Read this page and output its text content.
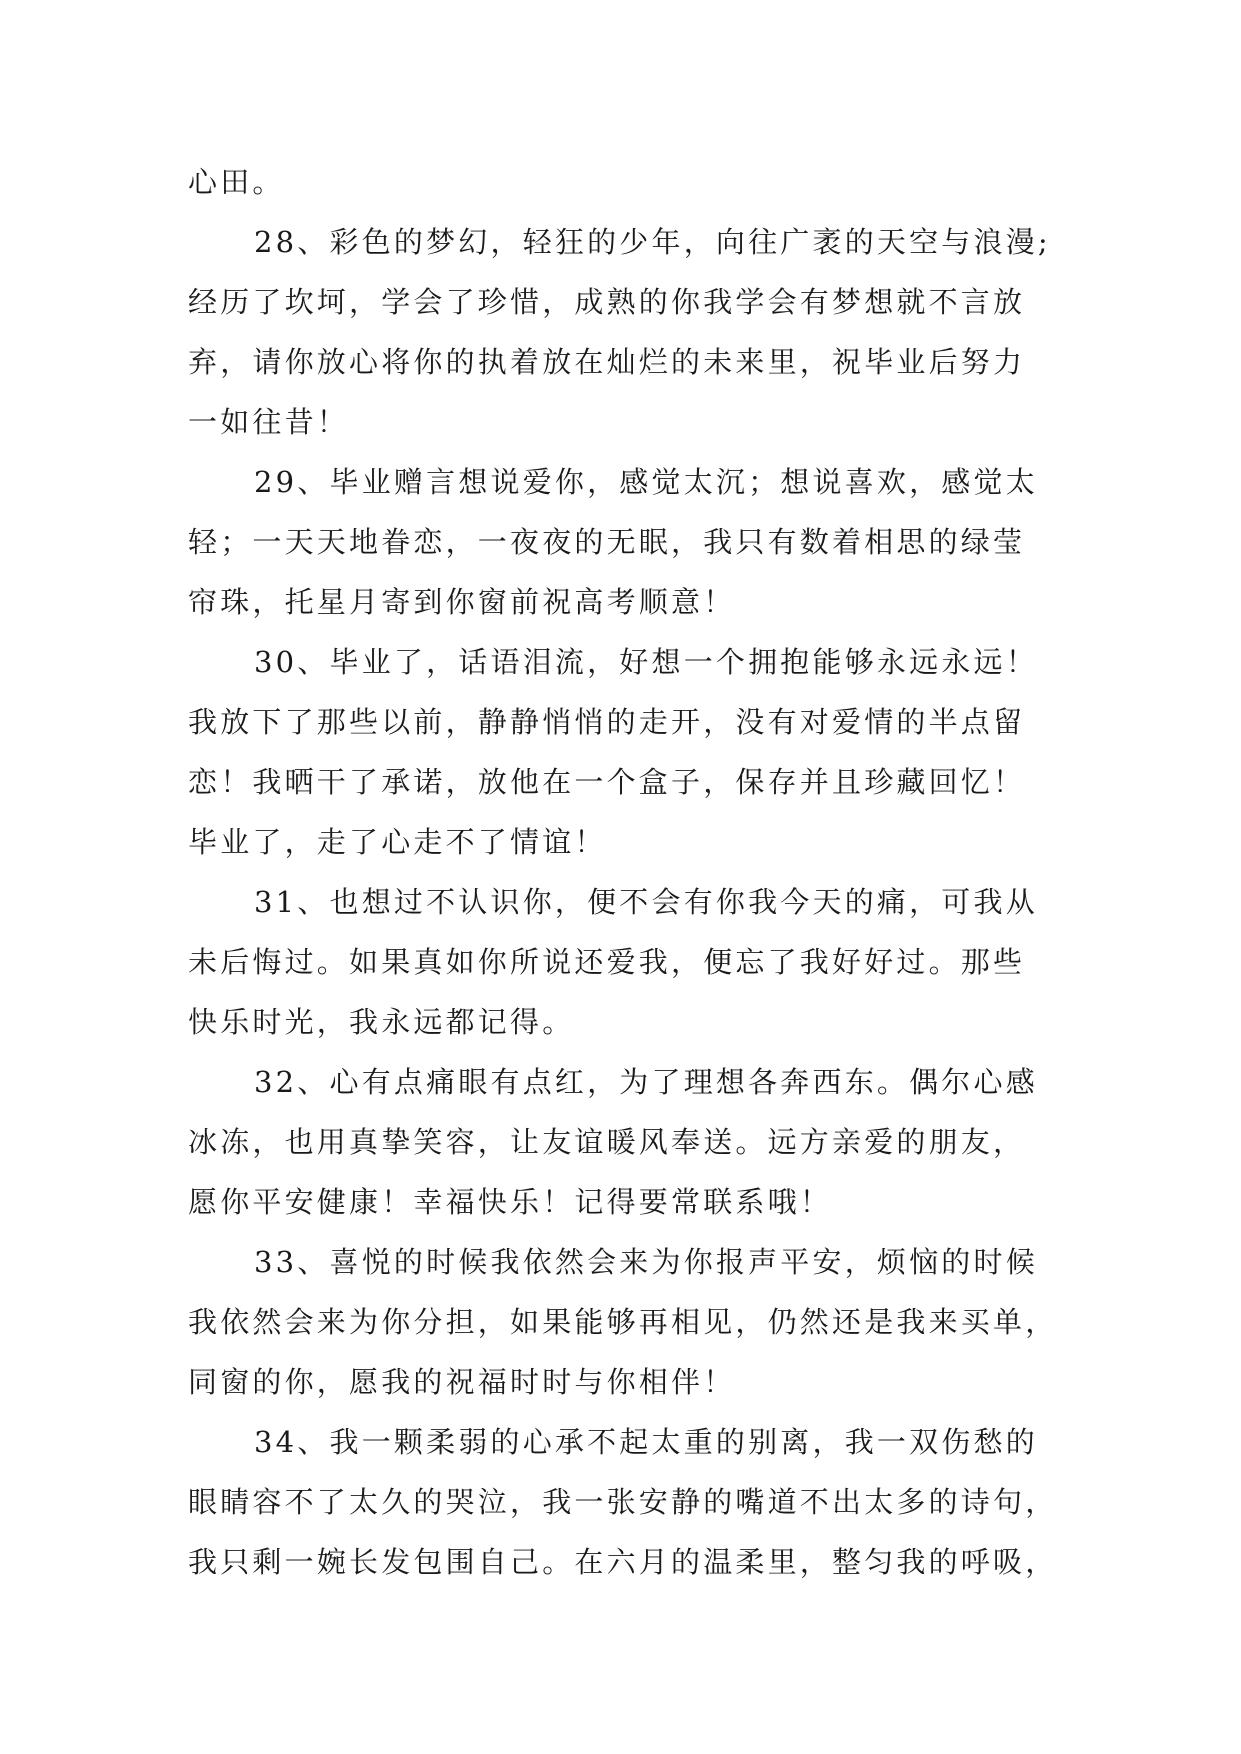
心田。
28、彩色的梦幻，轻狂的少年，向往广袤的天空与浪漫;
经历了坎坷，学会了珍惜，成熟的你我学会有梦想就不言放
弃，请你放心将你的执着放在灿烂的未来里，祝毕业后努力
一如往昔！
29、毕业赠言想说爱你，感觉太沉；想说喜欢，感觉太
轻；一天天地眷恋，一夜夜的无眠，我只有数着相思的绿莹
帘珠，托星月寄到你窗前祝高考顺意！
30、毕业了，话语泪流，好想一个拥抱能够永远永远！
我放下了那些以前，静静悄悄的走开，没有对爱情的半点留
恋！我晒干了承诺，放他在一个盒子，保存并且珍藏回忆！
毕业了，走了心走不了情谊！
31、也想过不认识你，便不会有你我今天的痛，可我从
未后悔过。如果真如你所说还爱我，便忘了我好好过。那些
快乐时光，我永远都记得。
32、心有点痛眼有点红，为了理想各奔西东。偶尔心感
冰冻，也用真挚笑容，让友谊暖风奉送。远方亲爱的朋友，
愿你平安健康！幸福快乐！记得要常联系哦！
33、喜悦的时候我依然会来为你报声平安，烦恼的时候
我依然会来为你分担，如果能够再相见，仍然还是我来买单，
同窗的你，愿我的祝福时时与你相伴！
34、我一颗柔弱的心承不起太重的别离，我一双伤愁的
眼睛容不了太久的哭泣，我一张安静的嘴道不出太多的诗句，
我只剩一婉长发包围自己。在六月的温柔里，整匀我的呼吸，
